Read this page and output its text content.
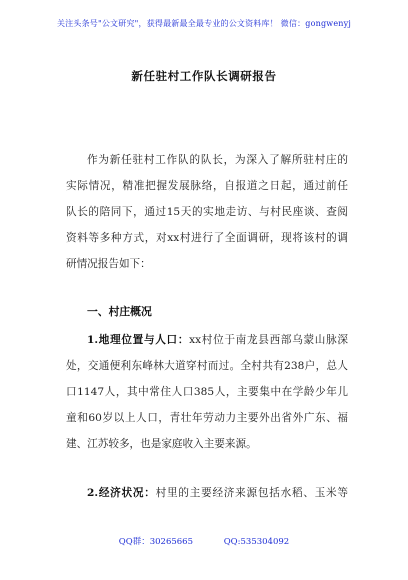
关注头条号"公文研究"，获得最新最全最专业的公文资料库！ 微信：gongwenyj
新任驻村工作队长调研报告
作为新任驻村工作队的队长，为深入了解所驻村庄的
实际情况，精准把握发展脉络，自报道之日起，通过前任
队长的陪同下，通过15天的实地走访、与村民座谈、查阅
资料等多种方式，对xx村进行了全面调研，现将该村的调
研情况报告如下：
一、村庄概况
1.地理位置与人口：xx村位于南龙县西部乌蒙山脉深
处，交通便利东峰林大道穿村而过。全村共有238户，总人
口1147人，其中常住人口385人，主要集中在学龄少年儿
童和60岁以上人口，青壮年劳动力主要外出省外广东、福
建、江苏较多，也是家庭收入主要来源。
2.经济状况：村里的主要经济来源包括水稻、玉米等
QQ群：30265665	QQ:535304092
